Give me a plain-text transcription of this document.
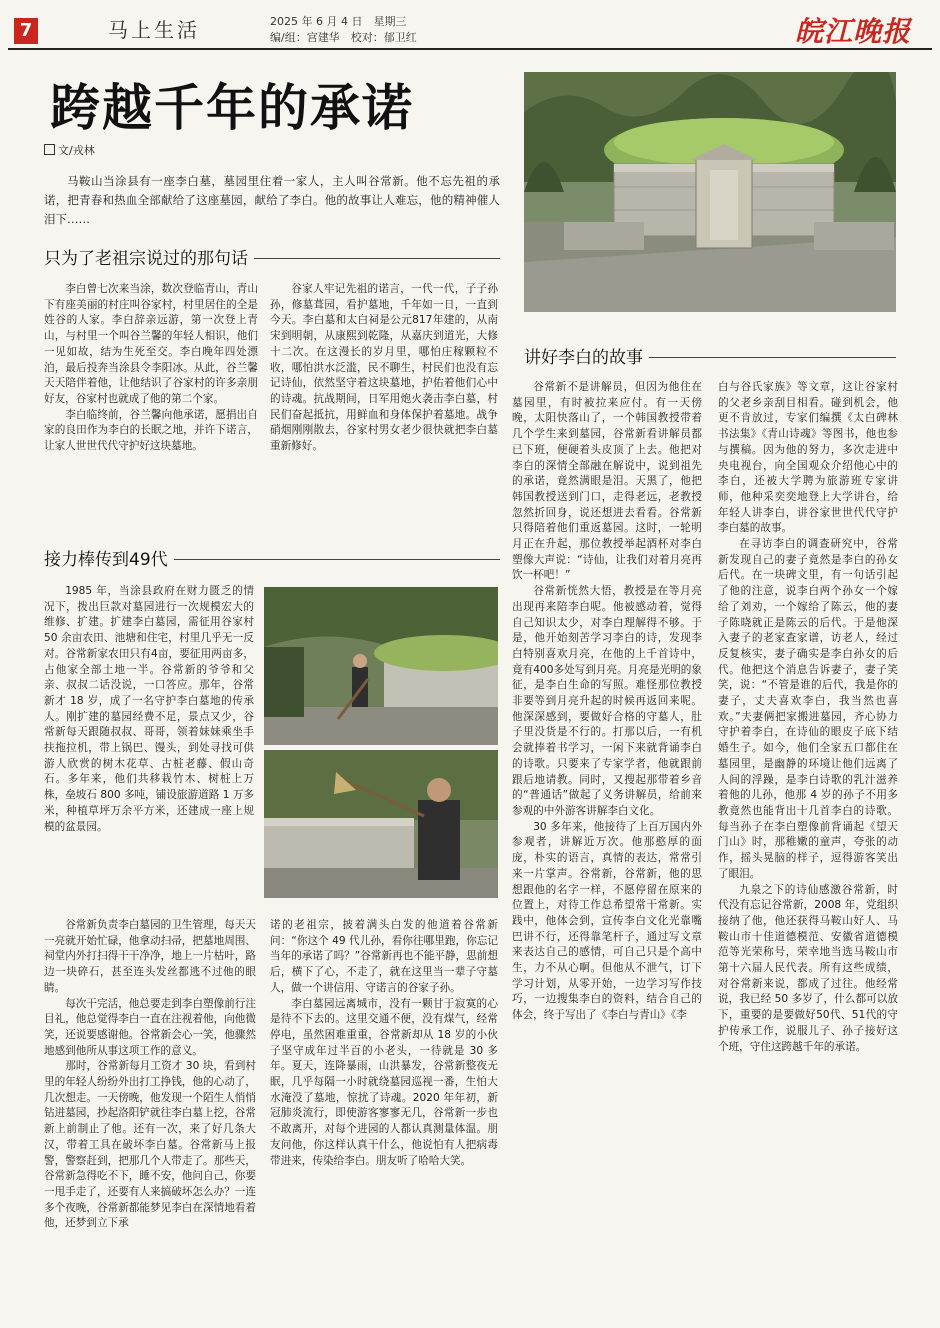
7	马上生活	2025 年 6 月 4 日　星期三
编/组：宫建华　校对：郁卫红	皖江晚报
跨越千年的承诺
文/戎林
马鞍山当涂县有一座李白墓，墓园里住着一家人，主人叫谷常新。他不忘先祖的承诺，把青春和热血全部献给了这座墓园，献给了李白。他的故事让人难忘，他的精神催人泪下……
只为了老祖宗说过的那句话

李白曾七次来当涂，数次登临青山，青山下有座美丽的村庄叫谷家村，村里居住的全是姓谷的人家。李白辞亲远游，第一次登上青山，与村里一个叫谷兰馨的年轻人相识，他们一见如故，结为生死至交。李白晚年四处漂泊，最后投奔当涂县令李阳冰。从此，谷兰馨天天陪伴着他，让他结识了谷家村的许多亲朋好友，谷家村也就成了他的第二个家。

李白临终前，谷兰馨向他承诺，愿捐出自家的良田作为李白的长眠之地，并许下诺言，让家人世世代代守护好这块墓地。

谷家人牢记先祖的诺言，一代一代，子子孙孙，修墓葺园，看护墓地，千年如一日，一直到今天。李白墓和太白祠是公元817年建的，从南宋到明朝，从康熙到乾隆，从嘉庆到道光，大修十二次。在这漫长的岁月里，哪怕庄稼颗粒不收，哪怕洪水泛滥，民不聊生，村民们也没有忘记诗仙，依然坚守着这块墓地，护佑着他们心中的诗魂。抗战期间，日军用炮火袭击李白墓，村民们奋起抵抗，用鲜血和身体保护着墓地。战争硝烟刚刚散去，谷家村男女老少很快就把李白墓重新修好。

接力棒传到49代

1985 年，当涂县政府在财力匮乏的情况下，拨出巨款对墓园进行一次规模宏大的维修、扩建。扩建李白墓园，需征用谷家村 50 余亩农田、池塘和住宅，村里几乎无一反对。谷常新家农田只有4亩，要征用两亩多，占他家全部土地一半。谷常新的爷爷和父亲、叔叔二话没说，一口答应。那年，谷常新才 18 岁，成了一名守护李白墓地的传承人。刚扩建的墓园经费不足，景点又少，谷常新每天跟随叔叔、哥哥，领着妹妹乘坐手扶拖拉机，带上锅巴、馒头，到处寻找可供游人欣赏的树木花草、古桩老藤、假山奇石。多年来，他们共移栽竹木、树桩上万株，垒坡石 800 多吨，铺设旅游道路 1 万多米，种植草坪万余平方米，还建成一座上规模的盆景园。

谷常新负责李白墓园的卫生管理，每天天一亮就开始忙碌，他拿动扫帚，把墓地周围、祠堂内外打扫得干干净净，地上一片枯叶，路边一块碎石，甚至连头发丝都逃不过他的眼睛。

每次干完活，他总要走到李白塑像前行注目礼，他总觉得李白一直在注视着他，向他微笑，还说要感谢他。谷常新会心一笑，他骤然地感到他所从事这项工作的意义。

那时，谷常新每月工资才 30 块，看到村里的年轻人纷纷外出打工挣钱，他的心动了，几次想走。一天傍晚，他发现一个陌生人悄悄钻进墓园，抄起洛阳铲就往李白墓上挖，谷常新上前制止了他。还有一次，来了好几条大汉，带着工具在破坏李白墓。谷常新马上报警，警察赶到，把那几个人带走了。那些天，谷常新急得吃不下，睡不安，他问自己，你要一甩手走了，还要有人来搞破坏怎么办？一连多个夜晚，谷常新都能梦见李白在深情地看着他，还梦到立下承

诺的老祖宗，披着满头白发的他道着谷常新问：“你这个 49 代儿孙，看你往哪里跑，你忘记当年的承诺了吗？”谷常新再也不能平静，思前想后，横下了心，不走了，就在这里当一辈子守墓人，做一个讲信用、守诺言的谷家子孙。

李白墓园远离城市，没有一颗甘于寂寞的心是待不下去的。这里交通不便，没有煤气，经常停电，虽然困难重重，谷常新却从 18 岁的小伙子坚守成年过半百的小老头，一待就是 30 多年。夏天，连降暴雨，山洪暴发，谷常新整夜无眠，几乎每隔一小时就绕墓园巡视一番，生怕大水淹没了墓地，惊扰了诗魂。2020 年年初，新冠肺炎流行，即使游客寥寥无几，谷常新一步也不敢离开，对每个进园的人都认真测量体温。朋友问他，你这样认真干什么，他说怕有人把病毒带进来，传染给李白。朋友听了哈哈大笑。

讲好李白的故事

谷常新不是讲解员，但因为他住在墓园里，有时被拉来应付。有一天傍晚，太阳快落山了，一个韩国教授带着几个学生来到墓园，谷常新看讲解员都已下班，便硬着头皮顶了上去。他把对李白的深情全部融在解说中，说到祖先的承诺，竟然满眼是泪。天黑了，他把韩国教授送到门口，走得老远，老教授忽然折回身，说还想进去看看。谷常新只得陪着他们重返墓园。这时，一轮明月正在升起，那位教授举起酒杯对李白塑像大声说：“诗仙，让我们对着月亮再饮一杯吧！”

谷常新恍然大悟，教授是在等月亮出现再来陪李白呢。他被感动着，觉得自己知识太少，对李白理解得不够。于是，他开始刻苦学习李白的诗，发现李白特别喜欢月亮，在他的上千首诗中，竟有400多处写到月亮。月亮是光明的象征，是李白生命的写照。难怪那位教授非要等到月亮升起的时候再返回来呢。他深深感到，要做好合格的守墓人，肚子里没货是不行的。打那以后，一有机会就捧着书学习，一闲下来就背诵李白的诗歌。只要来了专家学者，他就跟前跟后地请教。同时，又搜起那带着乡音的“普通话”做起了义务讲解员，给前来参观的中外游客讲解李白文化。

30 多年来，他接待了上百万国内外参观者，讲解近万次。他那憨厚的面庞，朴实的语言，真情的表达，常常引来一片掌声。谷常新，谷常新，他的思想跟他的名字一样，不愿停留在原来的位置上，对待工作总希望常干常新。实践中，他体会到，宣传李白文化光靠嘴巴讲不行，还得靠笔杆子，通过写文章来表达自己的感情，可自己只是个高中生，力不从心啊。但他从不泄气，订下学习计划，从零开始，一边学习写作技巧，一边搜集李白的资料，结合自己的体会，终于写出了《李白与青山》《李

白与谷氏家族》等文章，这让谷家村的父老乡亲刮目相看。碰到机会，他更不肯放过，专家们编撰《太白碑林书法集》《青山诗魂》等图书，他也参与撰稿。因为他的努力，多次走进中央电视台，向全国观众介绍他心中的李白，还被大学聘为旅游班专家讲师，他种采奕奕地登上大学讲台，给年轻人讲李白，讲谷家世世代代守护李白墓的故事。

在寻访李白的调查研究中，谷常新发现自己的妻子竟然是李白的孙女后代。在一块碑文里，有一句话引起了他的注意，说李白两个孙女一个嫁给了刘劝，一个嫁给了陈云，他的妻子陈晓就正是陈云的后代。于是他深入妻子的老家查家谱，访老人，经过反复核实，妻子确实是李白孙女的后代。他把这个消息告诉妻子，妻子笑笑，说：“不管是谁的后代，我是你的妻子，丈夫喜欢李白，我当然也喜欢。”夫妻俩把家搬进墓园，齐心协力守护着李白，在诗仙的眼皮子底下结婚生子。如今，他们全家五口都住在墓园里，是幽静的环境让他们远离了人间的浮躁，是李白诗歌的乳汁滋养着他的儿孙，他那 4 岁的孙子不用多教竟然也能背出十几首李白的诗歌。每当孙子在李白塑像前背诵起《望天门山》时，那稚嫩的童声，夸张的动作，摇头晃脑的样子，逗得游客笑出了眼泪。

九泉之下的诗仙感激谷常新，时代没有忘记谷常新，2008 年，党组织接纳了他，他还获得马鞍山好人、马鞍山市十佳道德模范、安徽省道德模范等光荣称号，荣幸地当选马鞍山市第十六届人民代表。所有这些成绩，对谷常新来说，都成了过往。他经常说，我已经 50 多岁了，什么都可以放下，重要的是要做好50代、51代的守护传承工作，说服儿子、孙子接好这个班，守住这跨越千年的承诺。
